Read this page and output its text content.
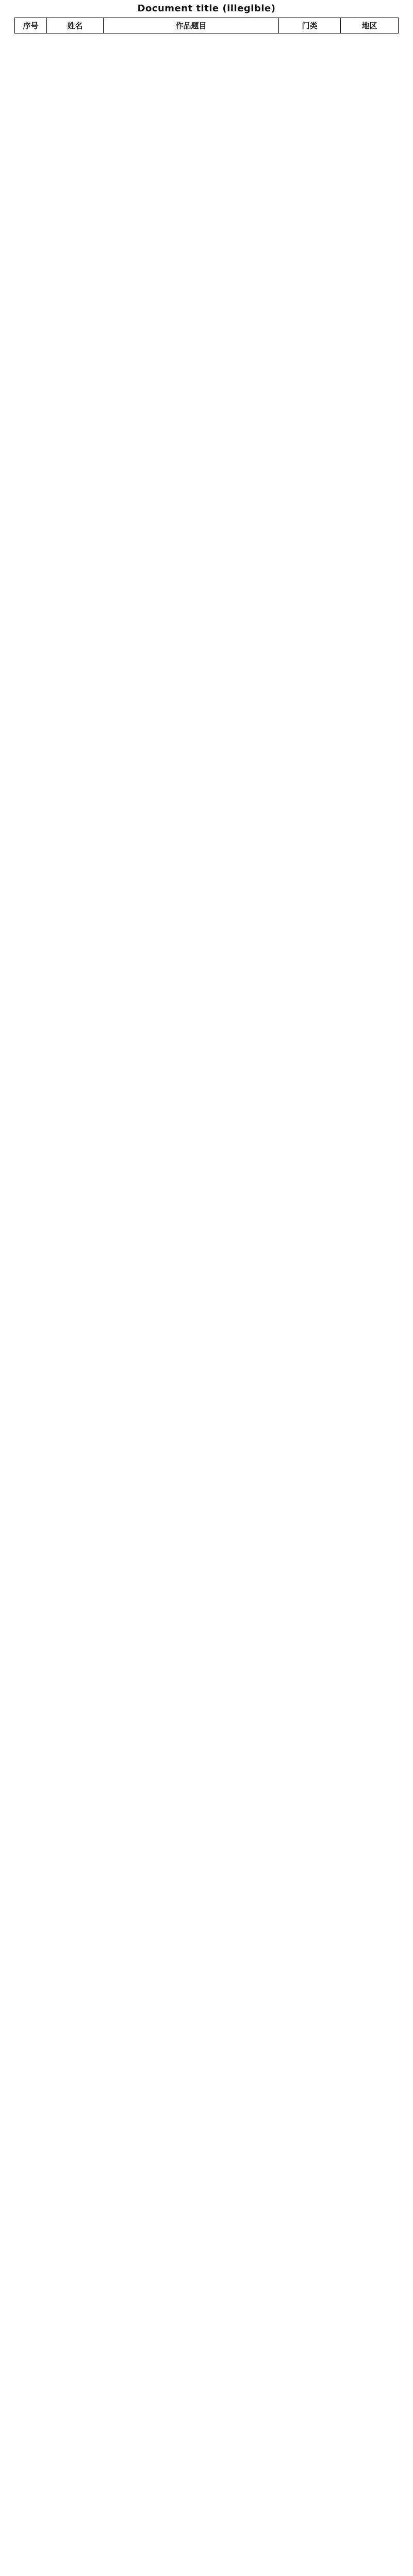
Document title (illegible)
序号	姓名	作品题目	门类	地区
